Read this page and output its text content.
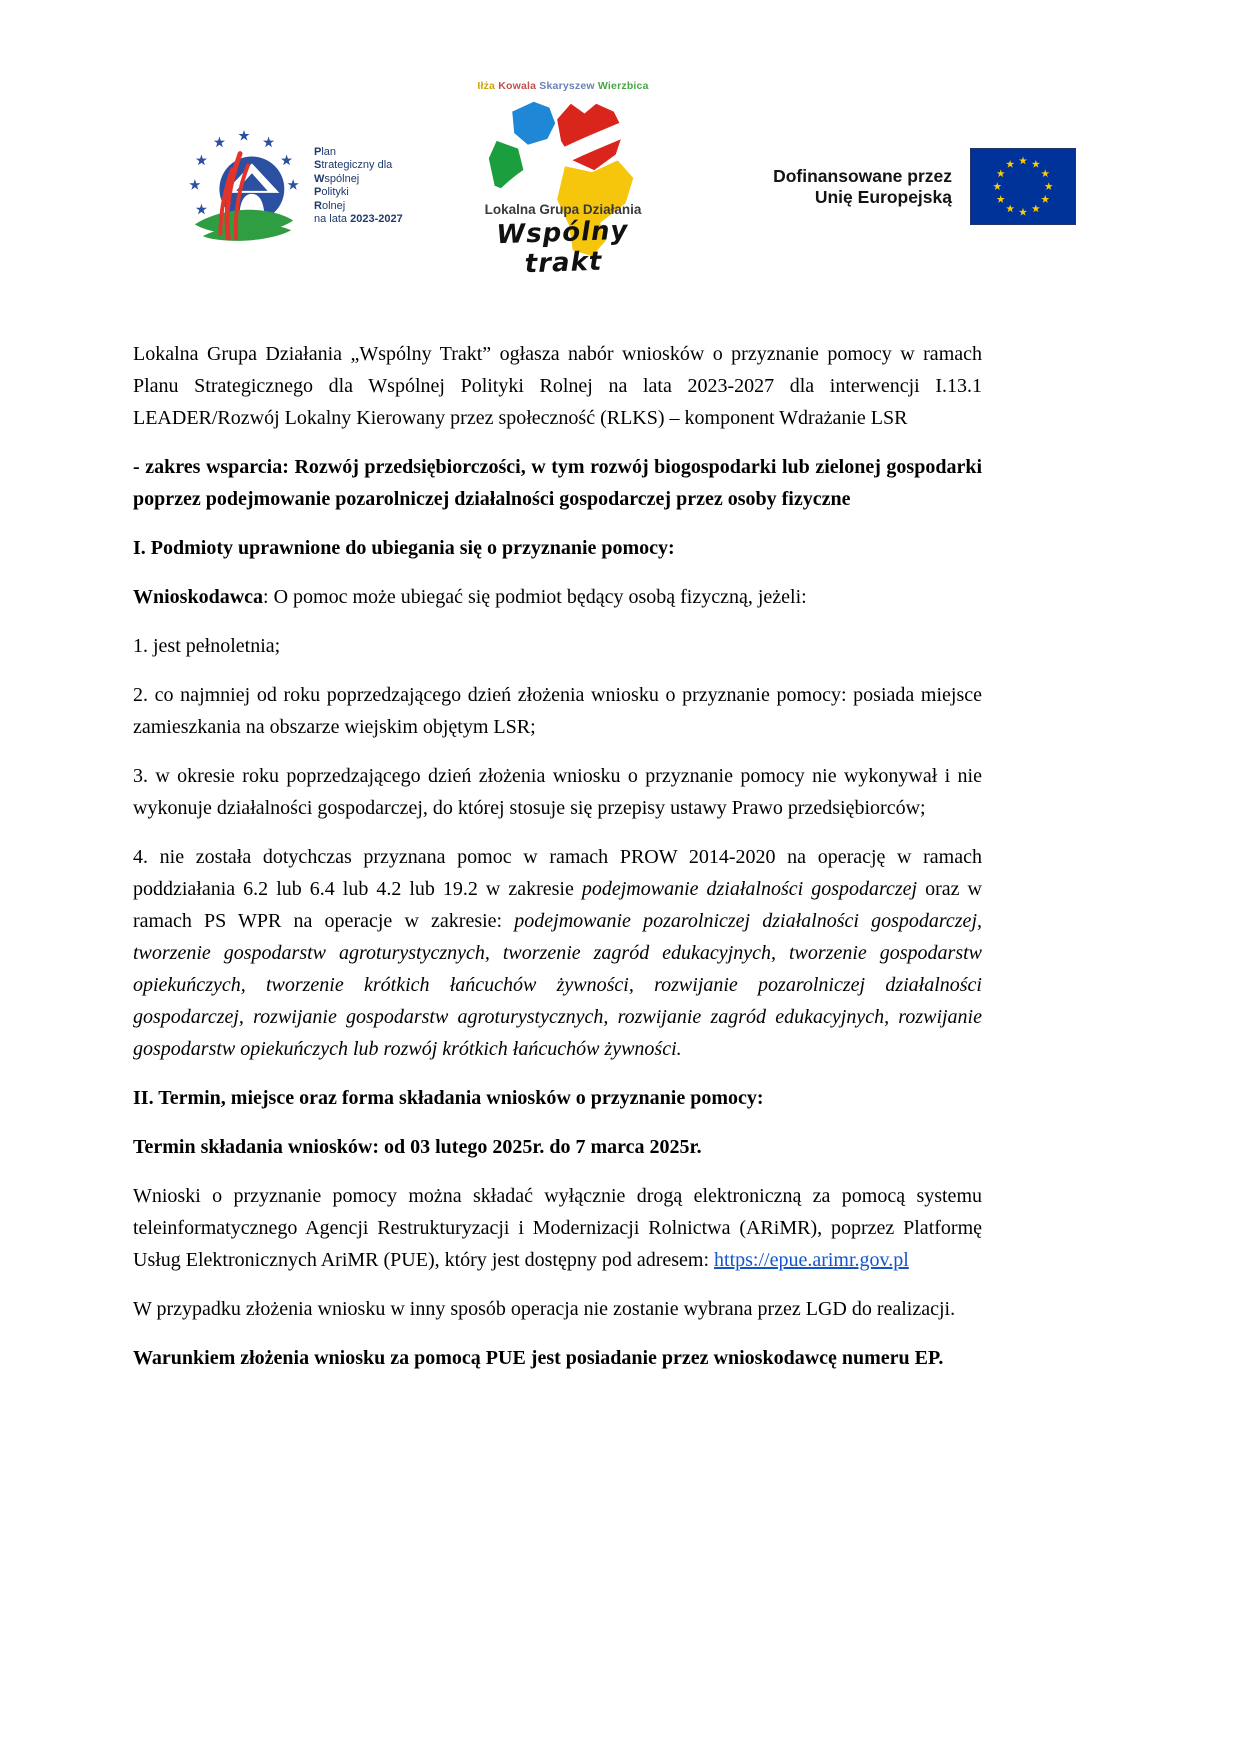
Plan
Strategiczny dla
Wspólnej
Polityki
Rolnej
na lata 2023-2027
Iłża Kowala Skaryszew Wierzbica
Lokalna Grupa Działania
Wspólny trakt
Dofinansowane przez
Unię Europejską

Lokalna Grupa Działania „Wspólny Trakt” ogłasza nabór wniosków o przyznanie pomocy w ramach Planu Strategicznego dla Wspólnej Polityki Rolnej na lata 2023-2027 dla interwencji I.13.1 LEADER/Rozwój Lokalny Kierowany przez społeczność (RLKS) – komponent Wdrażanie LSR

- zakres wsparcia: Rozwój przedsiębiorczości, w tym rozwój biogospodarki lub zielonej gospodarki poprzez podejmowanie pozarolniczej działalności gospodarczej przez osoby fizyczne

I. Podmioty uprawnione do ubiegania się o przyznanie pomocy:

Wnioskodawca: O pomoc może ubiegać się podmiot będący osobą fizyczną, jeżeli:

1. jest pełnoletnia;

2. co najmniej od roku poprzedzającego dzień złożenia wniosku o przyznanie pomocy: posiada miejsce zamieszkania na obszarze wiejskim objętym LSR;

3. w okresie roku poprzedzającego dzień złożenia wniosku o przyznanie pomocy nie wykonywał i nie wykonuje działalności gospodarczej, do której stosuje się przepisy ustawy Prawo przedsiębiorców;

4. nie została dotychczas przyznana pomoc w ramach PROW 2014-2020 na operację w ramach poddziałania 6.2 lub 6.4 lub 4.2 lub 19.2 w zakresie podejmowanie działalności gospodarczej oraz w ramach PS WPR na operacje w zakresie: podejmowanie pozarolniczej działalności gospodarczej, tworzenie gospodarstw agroturystycznych, tworzenie zagród edukacyjnych, tworzenie gospodarstw opiekuńczych, tworzenie krótkich łańcuchów żywności, rozwijanie pozarolniczej działalności gospodarczej, rozwijanie gospodarstw agroturystycznych, rozwijanie zagród edukacyjnych, rozwijanie gospodarstw opiekuńczych lub rozwój krótkich łańcuchów żywności.

II. Termin, miejsce oraz forma składania wniosków o przyznanie pomocy:

Termin składania wniosków: od 03 lutego 2025r. do 7 marca 2025r.

Wnioski o przyznanie pomocy można składać wyłącznie drogą elektroniczną za pomocą systemu teleinformatycznego Agencji Restrukturyzacji i Modernizacji Rolnictwa (ARiMR), poprzez Platformę Usług Elektronicznych AriMR (PUE), który jest dostępny pod adresem: https://epue.arimr.gov.pl

W przypadku złożenia wniosku w inny sposób operacja nie zostanie wybrana przez LGD do realizacji.

Warunkiem złożenia wniosku za pomocą PUE jest posiadanie przez wnioskodawcę numeru EP.
